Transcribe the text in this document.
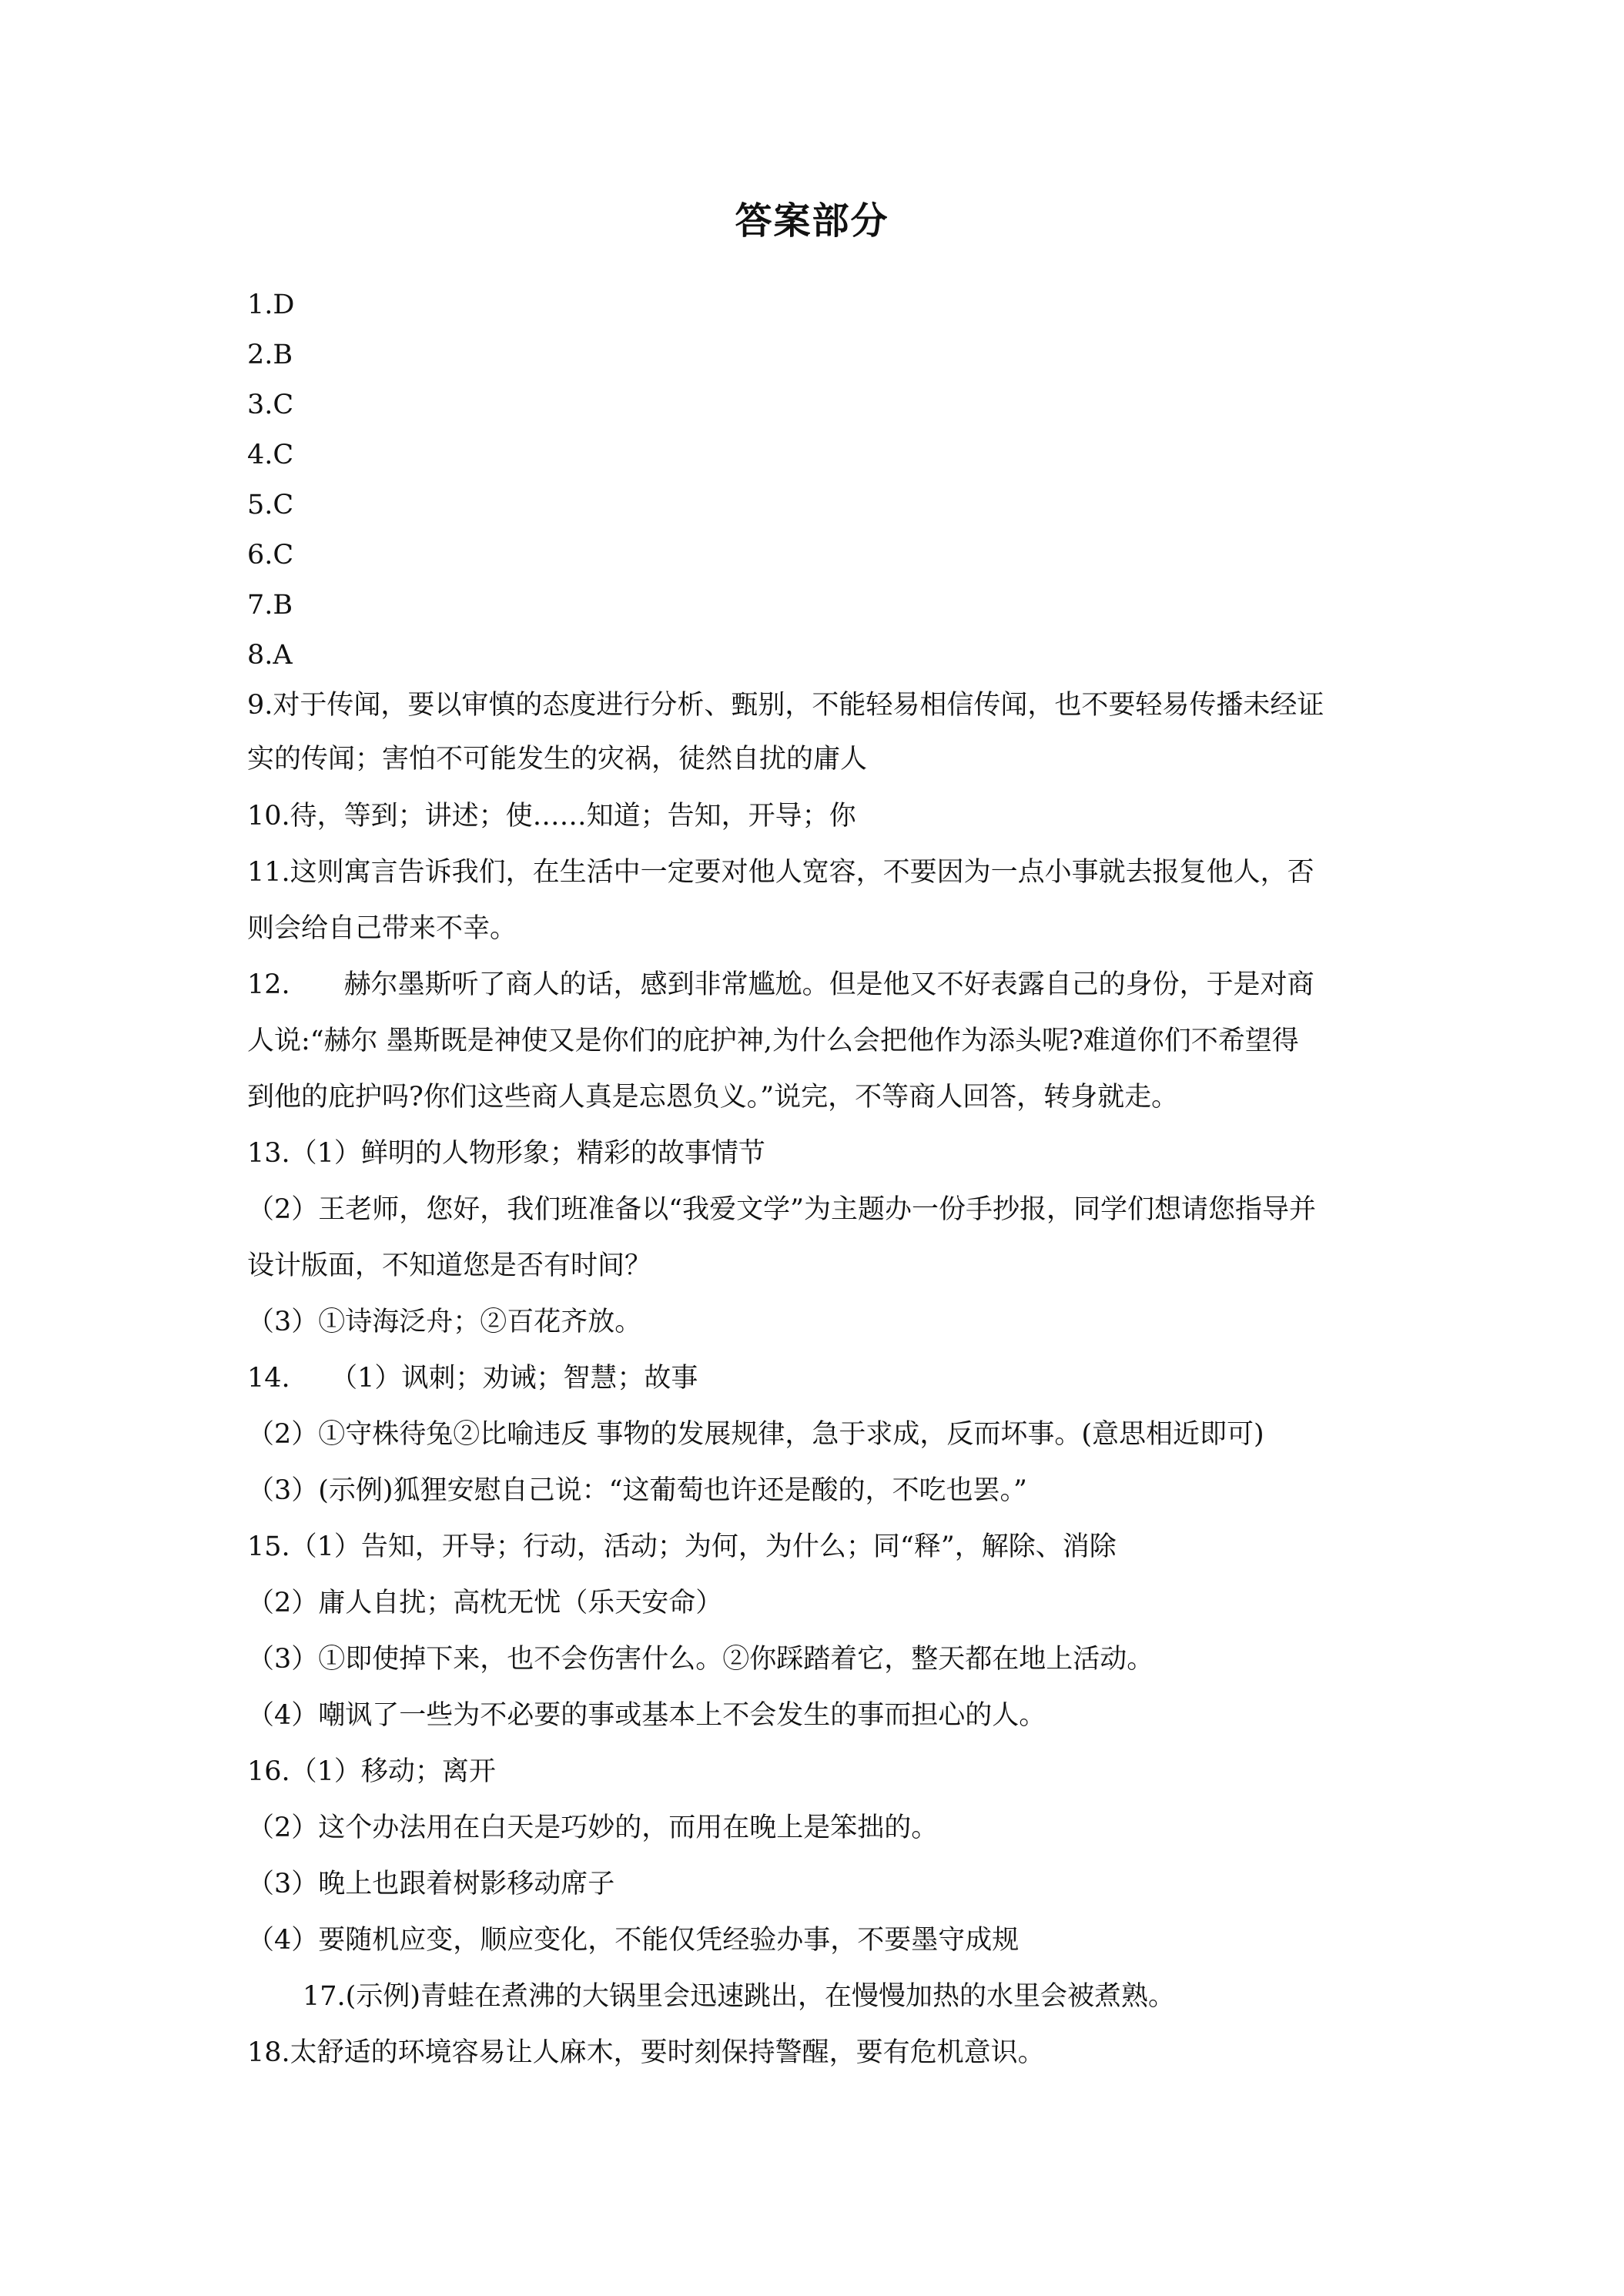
答案部分

1.D

2.B

3.C

4.C

5.C

6.C

7.B

8.A

9.对于传闻，要以审慎的态度进行分析、甄别，不能轻易相信传闻，也不要轻易传播未经证

实的传闻；害怕不可能发生的灾祸，徒然自扰的庸人

10.待，等到；讲述；使……知道；告知，开导；你

11.这则寓言告诉我们，在生活中一定要对他人宽容，不要因为一点小事就去报复他人，否

则会给自己带来不幸。

12.　　赫尔墨斯听了商人的话，感到非常尴尬。但是他又不好表露自己的身份，于是对商

人说:“赫尔 墨斯既是神使又是你们的庇护神,为什么会把他作为添头呢?难道你们不希望得

到他的庇护吗?你们这些商人真是忘恩负义。”说完，不等商人回答，转身就走。

13.（1）鲜明的人物形象；精彩的故事情节

（2）王老师，您好，我们班准备以“我爱文学”为主题办一份手抄报，同学们想请您指导并

设计版面，不知道您是否有时间？

（3）①诗海泛舟；②百花齐放。

14.　　（1）讽刺；劝诫；智慧；故事

（2）①守株待兔②比喻违反 事物的发展规律，急于求成，反而坏事。(意思相近即可)

（3）(示例)狐狸安慰自己说：“这葡萄也许还是酸的，不吃也罢。”

15.（1）告知，开导；行动，活动；为何，为什么；同“释”，解除、消除

（2）庸人自扰；高枕无忧（乐天安命）

（3）①即使掉下来，也不会伤害什么。②你踩踏着它，整天都在地上活动。

（4）嘲讽了一些为不必要的事或基本上不会发生的事而担心的人。

16.（1）移动；离开

（2）这个办法用在白天是巧妙的，而用在晚上是笨拙的。

（3）晚上也跟着树影移动席子

（4）要随机应变，顺应变化，不能仅凭经验办事，不要墨守成规

17.(示例)青蛙在煮沸的大锅里会迅速跳出，在慢慢加热的水里会被煮熟。

18.太舒适的环境容易让人麻木，要时刻保持警醒，要有危机意识。
